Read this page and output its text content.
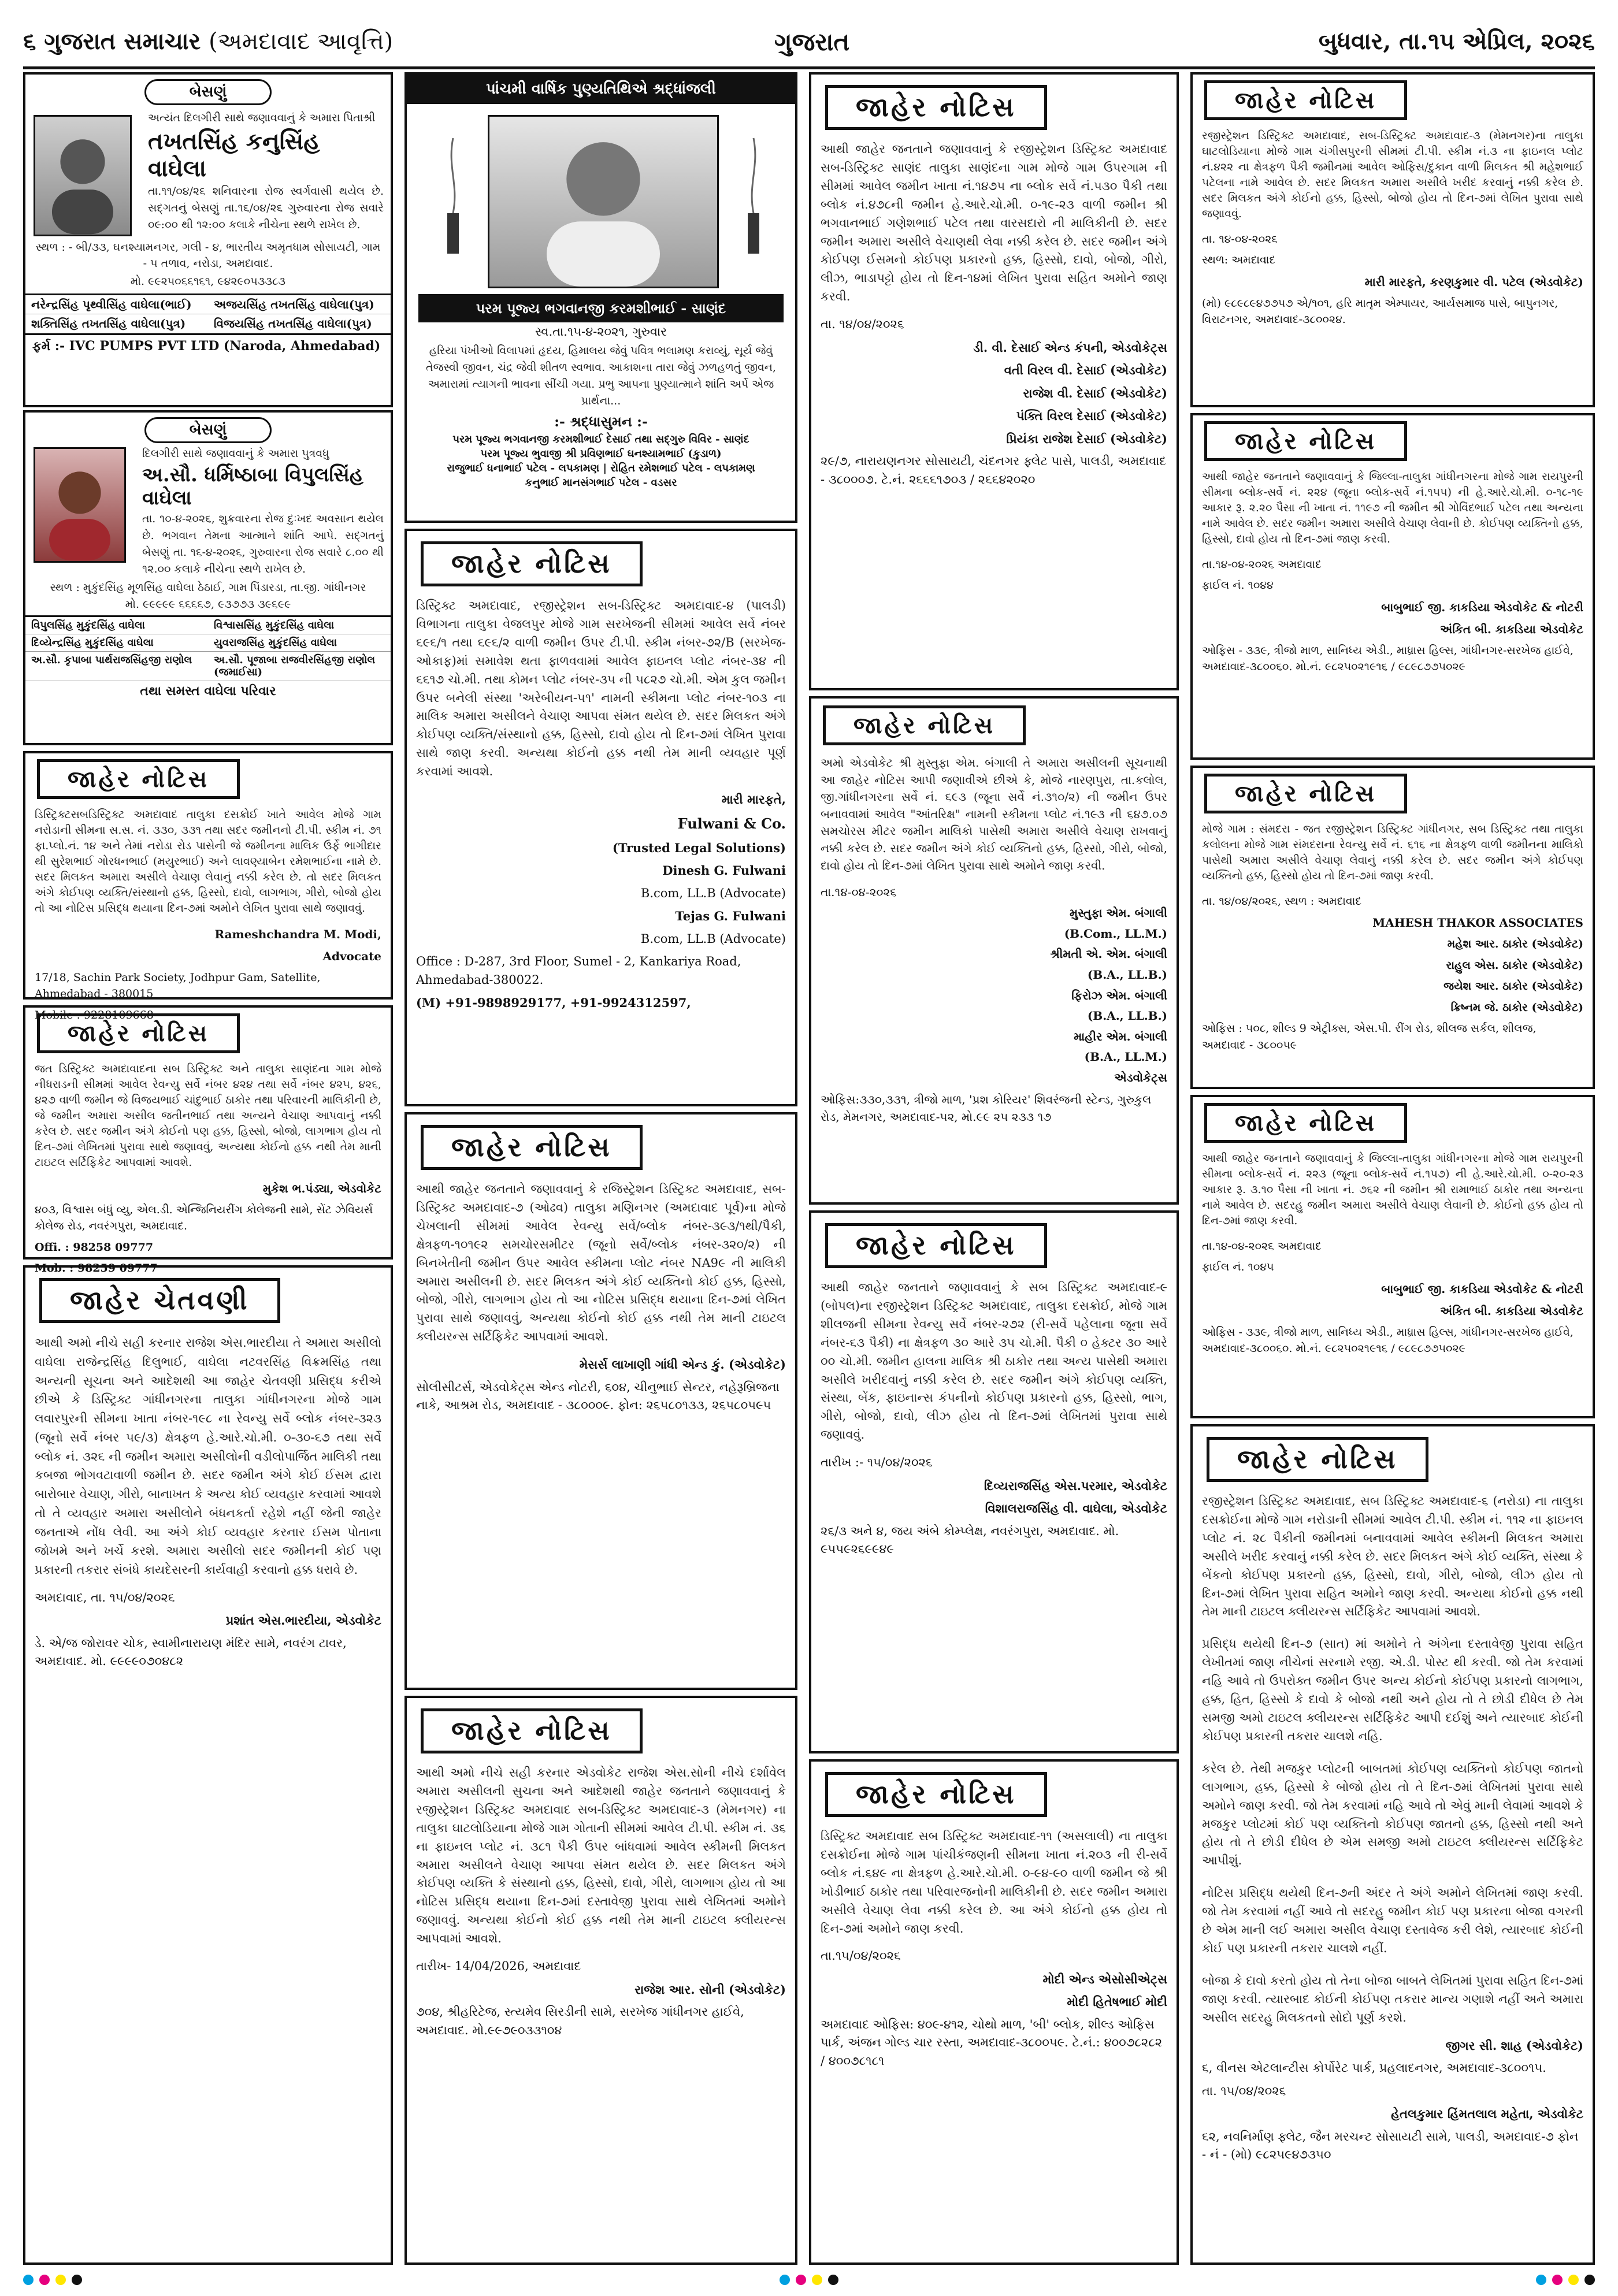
૬ ગુજરાત સમાચાર (અમદાવાદ આવૃત્તિ)	ગુજરાત	બુધવાર, તા.૧૫ એપ્રિલ, ૨૦૨૬
બેસણું
અત્યંત દિલગીરી સાથે જણાવવાનું કે અમારા પિતાશ્રી
તખતસિંહ કનુસિંહ વાઘેલા
તા.૧૧/૦૪/૨૬ શનિવારના રોજ સ્વર્ગવાસી થયેલ છે. સદ્ગતનું બેસણું તા.૧૬/૦૪/૨૬ ગુરુવારના રોજ સવારે ૦૯:૦૦ થી ૧૨:૦૦ કલાકે નીચેના સ્થળે રાખેલ છે.
સ્થળ : - બી/૩૩, ઘનશ્યામનગર, ગલી - ૪, ભારતીય અમૃતધામ સોસાયટી, ગામ - ૫ તળાવ, નરોડા, અમદાવાદ.
મો. ૯૯૨૫૦૬૬૧૬૧, ૯૪૨૯૦૫૩૩૮૩
નરેન્દ્રસિંહ પૃથ્વીસિંહ વાઘેલા(ભાઈ)	અજયસિંહ તખતસિંહ વાઘેલા(પુત્ર)
શક્તિસિંહ તખતસિંહ વાઘેલા(પુત્ર)	વિજયસિંહ તખતસિંહ વાઘેલા(પુત્ર)
ફર્મ :- IVC PUMPS PVT LTD (Naroda, Ahmedabad)
બેસણું
દિલગીરી સાથે જણાવવાનું કે અમારા પુત્રવધુ
અ.સૌ. ધર્મિષ્ઠાબા વિપુલસિંહ વાઘેલા
તા. ૧૦-૪-૨૦૨૬, શુક્રવારના રોજ દુઃખદ અવસાન થયેલ છે. ભગવાન તેમના આત્માને શાંતિ આપે. સદ્ગતનું બેસણું તા. ૧૬-૪-૨૦૨૬, ગુરુવારના રોજ સવારે ૮.૦૦ થી ૧૨.૦૦ કલાકે નીચેના સ્થળે રાખેલ છે.
સ્થળ : મુકુંદસિંહ મૂળસિંહ વાઘેલા ઠેઠાઈ, ગામ પિંડારડા, તા.જી. ગાંધીનગર
મો. ૯૯૯૯૯ ૬૬૬૬૭, ૯૩૭૭૩ ૩૯૬૯૯
વિપુલસિંહ મુકુંદસિંહ વાઘેલા	વિશ્વાસસિંહ મુકુંદસિંહ વાઘેલા
દિવ્યેન્દ્રસિંહ મુકુંદસિંહ વાઘેલા	યુવરાજસિંહ મુકુંદસિંહ વાઘેલા
અ.સૌ. કૃપાબા પાર્થરાજસિંહજી રાણોલ	અ.સૌ. પૂજાબા રાજવીરસિંહજી રાણોલ (જમાઈસા)
તથા સમસ્ત વાઘેલા પરિવાર
જાહેર નોટિસ
ડિસ્ટ્રિક્ટસબડિસ્ટ્રિક્ટ અમદાવાદ તાલુકા દસક્રોઈ ખાતે આવેલ મોજે ગામ નરોડાની સીમના સ.સ. નં. ૩૩૦, ૩૩૧ તથા સદર જમીનનો ટી.પી. સ્કીમ નં. ૭૧ ફા.પ્લો.નં. ૧૪ અને તેમાં નરોડા રોડ પાસેની જે જમીનના માલિક ઉર્ફે ભાગીદાર થી સુરેશભાઈ ગોરધનભાઈ (મયુરભાઈ) અને લાવણ્યાબેન રમેશભાઈના નામે છે. સદર મિલકત અમારા અસીલે વેચાણ લેવાનું નક્કી કરેલ છે. તો સદર મિલકત અંગે કોઈપણ વ્યક્તિ/સંસ્થાનો હક્ક, હિસ્સો, દાવો, લાગભાગ, ગીરો, બોજો હોય તો આ નોટિસ પ્રસિદ્ધ થયાના દિન-૭માં અમોને લેખિત પુરાવા સાથે જણાવવું.
Rameshchandra M. Modi,
Advocate
17/18, Sachin Park Society, Jodhpur Gam, Satellite, Ahmedabad - 380015
Mobile : 9228109668
જાહેર નોટિસ
જત ડિસ્ટ્રિક્ટ અમદાવાદના સબ ડિસ્ટ્રિક્ટ અને તાલુકા સાણંદના ગામ મોજે નીધરાડની સીમમાં આવેલ રેવન્યુ સર્વે નંબર ૪૨૪ તથા સર્વે નંબર ૪૨૫, ૪૨૬, ૪૨૭ વાળી જમીન જે વિજયભાઈ ચાંદુભાઈ ઠાકોર તથા પરિવારની માલિકીની છે, જે જમીન અમારા અસીલ જતીનભાઈ તથા અન્યને વેચાણ આપવાનું નક્કી કરેલ છે. સદર જમીન અંગે કોઈનો પણ હક્ક, હિસ્સો, બોજો, લાગભાગ હોય તો દિન-૭માં લેખિતમાં પુરાવા સાથે જણાવવું, અન્યથા કોઈનો હક્ક નથી તેમ માની ટાઇટલ સર્ટિફિકેટ આપવામાં આવશે.
મુકેશ ભ.પંડ્યા, એડવોકેટ
૪૦૩, વિશ્વાસ બંધું વ્યુ, એલ.ડી. એન્જિનિયરીંગ કોલેજની સામે, સેંટ ઝેવિયર્સ કોલેજ રોડ, નવરંગપુરા, અમદાવાદ.
Offi. : 98258 09777
Mob. : 98259 09777
જાહેર ચેતવણી
આથી અમો નીચે સહી કરનાર રાજેશ એસ.ભારદીયા તે અમારા અસીલો વાઘેલા રાજેન્દ્રસિંહ દિલુભાઈ, વાઘેલા નટવરસિંહ વિક્રમસિંહ તથા અન્યની સૂચના અને આદેશથી આ જાહેર ચેતવણી પ્રસિદ્ધ કરીએ છીએ કે ડિસ્ટ્રિક્ટ ગાંધીનગરના તાલુકા ગાંધીનગરના મોજે ગામ લવારપુરની સીમના ખાતા નંબર-૧૯૮ ના રેવન્યુ સર્વે બ્લોક નંબર-૩૨૩ (જૂનો સર્વે નંબર ૫૯/૩) ક્ષેત્રફળ હે.આરે.ચો.મી. ૦-૩૦-૬૭ તથા સર્વે બ્લોક નં. ૩૨૬ ની જમીન અમારા અસીલોની વડીલોપાર્જિત માલિકી તથા કબજા ભોગવટાવાળી જમીન છે. સદર જમીન અંગે કોઈ ઈસમ દ્વારા બારોબાર વેચાણ, ગીરો, બાનાખત કે અન્ય કોઈ વ્યવહાર કરવામાં આવશે તો તે વ્યવહાર અમારા અસીલોને બંધનકર્તા રહેશે નહીં જેની જાહેર જનતાએ નોંધ લેવી. આ અંગે કોઈ વ્યવહાર કરનાર ઈસમ પોતાના જોખમે અને ખર્ચે કરશે. અમારા અસીલો સદર જમીનની કોઈ પણ પ્રકારની તકરાર સંબંધે કાયદેસરની કાર્યવાહી કરવાનો હક્ક ધરાવે છે.
અમદાવાદ, તા. ૧૫/૦૪/૨૦૨૬
પ્રશાંત એસ.ભારદીયા, એડવોકેટ
ડે. એ/જ જોરાવર ચોક, સ્વામીનારાયણ મંદિર સામે, નવરંગ ટાવર, અમદાવાદ. મો. ૯૯૯૯૦૭૦૪૮૨
પાંચમી વાર્ષિક પુણ્યતિથિએ શ્રદ્ધાંજલી
પરમ પૂજ્ય ભગવાનજી કરમશીભાઈ - સાણંદ
સ્વ.તા.૧૫-૪-૨૦૨૧, ગુરુવાર
હરિયા પંખીઓ વિલાપમાં હૃદય, હિમાલય જેવું પવિત્ર ભલામણ કરાવ્યું, સૂર્ય જેવું તેજસ્વી જીવન, ચંદ્ર જેવી શીતળ સ્વભાવ. આકાશના તારા જેવું ઝળહળતું જીવન, અમારામાં ત્યાગની ભાવના સીંચી ગયા. પ્રભુ આપના પુણ્યાત્માને શાંતિ અર્પે એજ પ્રાર્થના...
:- શ્રદ્ધાસુમન :-
પરમ પૂજ્ય ભગવાનજી કરમશીભાઈ દેસાઈ તથા સદ્ગુરુ વિવિર - સાણંદ
પરમ પૂજ્ય ભુવાજી શ્રી પ્રવિણભાઈ ઘનશ્યામભાઈ (કુડાળ)
રાજુભાઈ ધનાભાઈ પટેલ - લપકામણ | રોહિત રમેશભાઈ પટેલ - લપકામણ
કનુભાઈ માનસંગભાઈ પટેલ - વડસર
જાહેર નોટિસ
ડિસ્ટ્રિક્ટ અમદાવાદ, રજીસ્ટ્રેશન સબ-ડિસ્ટ્રિક્ટ અમદાવાદ-૪ (પાલડી) વિભાગના તાલુકા વેજલપુર મોજે ગામ સરખેજની સીમમાં આવેલ સર્વે નંબર ૬૯૬/૧ તથા ૬૯૬/૨ વાળી જમીન ઉપર ટી.પી. સ્કીમ નંબર-૭૨/B (સરખેજ-ઓકાફ)માં સમાવેશ થતા ફાળવવામાં આવેલ ફાઇનલ પ્લોટ નંબર-૩૪ ની ૬૬૧૭ ચો.મી. તથા કોમન પ્લોટ નંબર-૩૫ ની ૫૮૨૭ ચો.મી. એમ કુલ જમીન ઉપર બનેલી સંસ્થા 'અરેબીયન-૫૧' નામની સ્કીમના પ્લોટ નંબર-૧૦૩ ના માલિક અમારા અસીલને વેચાણ આપવા સંમત થયેલ છે. સદર મિલકત અંગે કોઈપણ વ્યક્તિ/સંસ્થાનો હક્ક, હિસ્સો, દાવો હોય તો દિન-૭માં લેખિત પુરાવા સાથે જાણ કરવી. અન્યથા કોઈનો હક્ક નથી તેમ માની વ્યવહાર પૂર્ણ કરવામાં આવશે.
મારી મારફતે,
Fulwani & Co.
(Trusted Legal Solutions)
Dinesh G. Fulwani
B.com, LL.B (Advocate)
Tejas G. Fulwani
B.com, LL.B (Advocate)
Office : D-287, 3rd Floor, Sumel - 2, Kankariya Road, Ahmedabad-380022.
(M) +91-9898929177, +91-9924312597,
જાહેર નોટિસ
આથી જાહેર જનતાને જણાવવાનું કે રજિસ્ટ્રેશન ડિસ્ટ્રિક્ટ અમદાવાદ, સબ-ડિસ્ટ્રિક્ટ અમદાવાદ-૭ (ઓઢવ) તાલુકા મણિનગર (અમદાવાદ પૂર્વ)ના મોજે ચેખલાની સીમમાં આવેલ રેવન્યુ સર્વે/બ્લોક નંબર-૩૯૩/૧થી/પૈકી, ક્ષેત્રફળ-૧૦૧૯૨ સમચોરસમીટર (જૂનો સર્વે/બ્લોક નંબર-૩૨૦/૨) ની બિનખેતીની જમીન ઉપર આવેલ સ્કીમના પ્લોટ નંબર NA9૯ ની માલિકી અમારા અસીલની છે. સદર મિલકત અંગે કોઈ વ્યક્તિનો કોઈ હક્ક, હિસ્સો, બોજો, ગીરો, લાગભાગ હોય તો આ નોટિસ પ્રસિદ્ધ થયાના દિન-૭માં લેખિત પુરાવા સાથે જણાવવું, અન્યથા કોઈનો કોઈ હક્ક નથી તેમ માની ટાઇટલ ક્લીયરન્સ સર્ટિફિકેટ આપવામાં આવશે.
મેસર્સ લાખાણી ગાંધી એન્ડ કું. (એડવોકેટ)
સોલીસીટર્સ, એડવોકેટ્સ એન્ડ નોટરી, ૬૦૪, ચીનુભાઈ સેન્ટર, નહેરૂબ્રિજના નાકે, આશ્રમ રોડ, અમદાવાદ - ૩૮૦૦૦૯. ફોન: ૨૬૫૮૦૧૩૩, ૨૬૫૮૦૫૯૫
જાહેર નોટિસ
આથી અમો નીચે સહી કરનાર એડવોકેટ રાજેશ એસ.સોની નીચે દર્શાવેલ અમારા અસીલની સુચના અને આદેશથી જાહેર જનતાને જણાવવાનું કે રજીસ્ટ્રેશન ડિસ્ટ્રિક્ટ અમદાવાદ સબ-ડિસ્ટ્રિક્ટ અમદાવાદ-૩ (મેમનગર) ના તાલુકા ઘાટલોડિયાના મોજે ગામ ગોતાની સીમમાં આવેલ ટી.પી. સ્કીમ નં. ૩૬ ના ફાઇનલ પ્લોટ નં. ૩૮૧ પૈકી ઉપર બાંધવામાં આવેલ સ્કીમની મિલકત અમારા અસીલને વેચાણ આપવા સંમત થયેલ છે. સદર મિલકત અંગે કોઈપણ વ્યક્તિ કે સંસ્થાનો હક્ક, હિસ્સો, દાવો, ગીરો, લાગભાગ હોય તો આ નોટિસ પ્રસિદ્ધ થયાના દિન-૭માં દસ્તાવેજી પુરાવા સાથે લેખિતમાં અમોને જણાવવું. અન્યથા કોઈનો કોઈ હક્ક નથી તેમ માની ટાઇટલ ક્લીયરન્સ આપવામાં આવશે.
તારીખ- 14/04/2026, અમદાવાદ
રાજેશ આર. સોની (એડવોકેટ)
૭૦૪, શ્રીહરિટેજ, સ્ત્યમેવ સિરડીની સામે, સરખેજ ગાંધીનગર હાઈવે, અમદાવાદ. મો.૯૯૭૯૦૩૩૧૦૪
જાહેર નોટિસ
આથી જાહેર જનતાને જણાવવાનું કે રજીસ્ટ્રેશન ડિસ્ટ્રિક્ટ અમદાવાદ સબ-ડિસ્ટ્રિક્ટ સાણંદ તાલુકા સાણંદના ગામ મોજે ગામ ઉપરગામ ની સીમમાં આવેલ જમીન ખાતા નં.૧૪૭૫ ના બ્લોક સર્વે નં.૫૩૦ પૈકી તથા બ્લોક નં.૪૭૮ની જમીન હે.આરે.ચો.મી. ૦-૧૯-૨૩ વાળી જમીન શ્રી ભગવાનભાઈ ગણેશભાઈ પટેલ તથા વારસદારો ની માલિકીની છે. સદર જમીન અમારા અસીલે વેચાણથી લેવા નક્કી કરેલ છે. સદર જમીન અંગે કોઈપણ ઈસમનો કોઈપણ પ્રકારનો હક્ક, હિસ્સો, દાવો, બોજો, ગીરો, લીઝ, ભાડાપટ્ટો હોય તો દિન-૧૪માં લેખિત પુરાવા સહિત અમોને જાણ કરવી.
તા. ૧૪/૦૪/૨૦૨૬
ડી. વી. દેસાઈ એન્ડ કંપની, એડવોકેટ્સ
વતી વિરલ વી. દેસાઈ (એડવોકેટ)
રાજેશ વી. દેસાઈ (એડવોકેટ)
પંક્તિ વિરલ દેસાઈ (એડવોકેટ)
પ્રિયંકા રાજેશ દેસાઈ (એડવોકેટ)
૨૯/૭, નારાયણનગર સોસાયટી, ચંદનગર ફ્લેટ પાસે, પાલડી, અમદાવાદ - ૩૮૦૦૦૭. ટે.નં. ૨૬૬૬૧૭૦૩ / ૨૬૬૪૨૦૨૦
જાહેર નોટિસ
અમો એડવોકેટ શ્રી મુસ્તુફા એમ. બંગાલી તે અમારા અસીલની સૂચનાથી આ જાહેર નોટિસ આપી જણાવીએ છીએ કે, મોજે નારણપુરા, તા.કલોલ, જી.ગાંધીનગરના સર્વે નં. ૬૯૩ (જૂના સર્વે નં.૩૧૦/૨) ની જમીન ઉપર બનાવવામાં આવેલ "આંતરિક્ષ" નામની સ્કીમના પ્લોટ નં.૧૯૩ ની ૬૪૭.૦૭ સમચોરસ મીટર જમીન માલિકો પાસેથી અમારા અસીલે વેચાણ રાખવાનું નક્કી કરેલ છે. સદર જમીન અંગે કોઈ વ્યક્તિનો હક્ક, હિસ્સો, ગીરો, બોજો, દાવો હોય તો દિન-૭માં લેખિત પુરાવા સાથે અમોને જાણ કરવી.
તા.૧૪-૦૪-૨૦૨૬
મુસ્તુફા એમ. બંગાલી
(B.Com., LL.M.)
શ્રીમતી એ. એમ. બંગાલી
(B.A., LL.B.)
ફિરોઝ એમ. બંગાલી
(B.A., LL.B.)
માહીર એમ. બંગાલી
(B.A., LL.M.)
એડવોકેટ્સ
ઓફિસ:૩૩૦,૩૩૧, ત્રીજો માળ, 'પ્રશ કોરિયર' શિવરંજની સ્ટેન્ડ, ગુરુકુલ રોડ, મેમનગર, અમદાવાદ-૫૨, મો.૯૯ ૨૫ ૨૩૩ ૧૭
જાહેર નોટિસ
આથી જાહેર જનતાને જણાવવાનું કે સબ ડિસ્ટ્રિક્ટ અમદાવાદ-૯ (બોપલ)ના રજીસ્ટ્રેશન ડિસ્ટ્રિક્ટ અમદાવાદ, તાલુકા દસક્રોઈ, મોજે ગામ શીલજની સીમના રેવન્યુ સર્વે નંબર-૨૭૨ (રી-સર્વે પહેલાના જૂના સર્વે નંબર-૬૩ પૈકી) ના ક્ષેત્રફળ ૩૦ આરે ૩૫ ચો.મી. પૈકી ૦ હેક્ટર ૩૦ આરે ૦૦ ચો.મી. જમીન હાલના માલિક શ્રી ઠાકોર તથા અન્ય પાસેથી અમારા અસીલે ખરીદવાનું નક્કી કરેલ છે. સદર જમીન અંગે કોઈપણ વ્યક્તિ, સંસ્થા, બેંક, ફાઇનાન્સ કંપનીનો કોઈપણ પ્રકારનો હક્ક, હિસ્સો, ભાગ, ગીરો, બોજો, દાવો, લીઝ હોય તો દિન-૭માં લેખિતમાં પુરાવા સાથે જણાવવું.
તારીખ :- ૧૫/૦૪/૨૦૨૬
દિવ્યરાજસિંહ એસ.પરમાર, એડવોકેટ
વિશાલરાજસિંહ વી. વાઘેલા, એડવોકેટ
૨૬/૩ અને ૪, જય અંબે કોમ્પ્લેક્ષ, નવરંગપુરા, અમદાવાદ. મો. ૯૫૫૯૨૬૯૯૪૯
જાહેર નોટિસ
ડિસ્ટ્રિક્ટ અમદાવાદ સબ ડિસ્ટ્રિક્ટ અમદાવાદ-૧૧ (અસલાલી) ના તાલુકા દસક્રોઈના મોજે ગામ પાંચીકંજણની સીમના ખાતા નં.૨૦૩ ની રી-સર્વે બ્લોક નં.૬૪૯ ના ક્ષેત્રફળ હે.આરે.ચો.મી. ૦-૯૪-૯૦ વાળી જમીન જે શ્રી ખોડીભાઈ ઠાકોર તથા પરિવારજનોની માલિકીની છે. સદર જમીન અમારા અસીલે વેચાણ લેવા નક્કી કરેલ છે. આ અંગે કોઈનો હક્ક હોય તો દિન-૭માં અમોને જાણ કરવી.
તા.૧૫/૦૪/૨૦૨૬
મોદી એન્ડ એસોસીએટ્સ
મોદી હિતેષભાઈ મોદી
અમદાવાદ ઓફિસ: ૪૦૯-૪૧૨, ચોથો માળ, 'બી' બ્લોક, શીલ્ડ ઓફિસ પાર્ક, અંજન ગોલ્ડ ચાર રસ્તા, અમદાવાદ-૩૮૦૦૫૯. ટે.નં.: ૪૦૦૭૮૨૮૨ / ૪૦૦૭૮૧૮૧
જાહેર નોટિસ
રજીસ્ટ્રેશન ડિસ્ટ્રિક્ટ અમદાવાદ, સબ-ડિસ્ટ્રિક્ટ અમદાવાદ-૩ (મેમનગર)ના તાલુકા ઘાટલોડિયાના મોજે ગામ ચંગીસપુરની સીમમાં ટી.પી. સ્કીમ નં.૩ ના ફાઇનલ પ્લોટ નં.૪૨૨ ના ક્ષેત્રફળ પૈકી જમીનમાં આવેલ ઓફિસ/દુકાન વાળી મિલકત શ્રી મહેશભાઈ પટેલના નામે આવેલ છે. સદર મિલકત અમારા અસીલે ખરીદ કરવાનું નક્કી કરેલ છે. સદર મિલકત અંગે કોઈનો હક્ક, હિસ્સો, બોજો હોય તો દિન-૭માં લેખિત પુરાવા સાથે જણાવવું.
તા. ૧૪-૦૪-૨૦૨૬
સ્થળ: અમદાવાદ
મારી મારફતે, કરણકુમાર વી. પટેલ (એડવોકેટ)
(મો) ૯૮૯૮૯૪૭૭૫૭ એ/૧૦૧, હરિ માતૃમ એમ્પાયર, આર્યસમાજ પાસે, બાપુનગર, વિરાટનગર, અમદાવાદ-૩૮૦૦૨૪.
જાહેર નોટિસ
આથી જાહેર જનતાને જણાવવાનું કે જિલ્લા-તાલુકા ગાંધીનગરના મોજે ગામ રાયપુરની સીમના બ્લોક-સર્વે નં. ૨૨૪ (જૂના બ્લોક-સર્વે નં.૧૫૫) ની હે.આરે.ચો.મી. ૦-૧૮-૧૯ આકાર રૂ. ૨.૨૦ પૈસા ની ખાતા નં. ૧૧૯૭ ની જમીન શ્રી ગોવિંદભાઈ પટેલ તથા અન્યના નામે આવેલ છે. સદર જમીન અમારા અસીલે વેચાણ લેવાની છે. કોઈપણ વ્યક્તિનો હક્ક, હિસ્સો, દાવો હોય તો દિન-૭માં જાણ કરવી.
તા.૧૪-૦૪-૨૦૨૬ અમદાવાદ
ફાઈલ નં. ૧૦૪૪
બાબુભાઈ જી. કાકડિયા એડવોકેટ & નોટરી
અંકિત બી. કાકડિયા એડવોકેટ
ઓફિસ - ૩૩૯, ત્રીજો માળ, સાનિધ્ય એડી., માધ્રાસ હિલ્સ, ગાંધીનગર-સરખેજ હાઈવે, અમદાવાદ-૩૮૦૦૬૦. મો.નં. ૯૮૨૫૦૨૧૯૧૬ / ૯૮૯૮૭૭૫૦૨૯
જાહેર નોટિસ
મોજે ગામ : સંમદરા - જત રજીસ્ટ્રેશન ડિસ્ટ્રિક્ટ ગાંધીનગર, સબ ડિસ્ટ્રિક્ટ તથા તાલુકા કલોલના મોજે ગામ સંમદરાના રેવન્યુ સર્વે નં. ૬૧૬ ના ક્ષેત્રફળ વાળી જમીનના માલિકો પાસેથી અમારા અસીલે વેચાણ લેવાનું નક્કી કરેલ છે. સદર જમીન અંગે કોઈપણ વ્યક્તિનો હક્ક, હિસ્સો હોય તો દિન-૭માં જાણ કરવી.
તા. ૧૪/૦૪/૨૦૨૬, સ્થળ : અમદાવાદ
MAHESH THAKOR ASSOCIATES
મહેશ આર. ઠાકોર (એડવોકેટ)
રાહુલ એસ. ઠાકોર (એડવોકેટ)
જયેશ આર. ઠાકોર (એડવોકેટ)
ક્રિષ્નમ જે. ઠાકોર (એડવોકેટ)
ઓફિસ : ૫૦૮, શીલ્ડ 9 એટ્રીક્સ, એસ.પી. રીંગ રોડ, શીલજ સર્કલ, શીલજ, અમદાવાદ - ૩૮૦૦૫૯
જાહેર નોટિસ
આથી જાહેર જનતાને જણાવવાનું કે જિલ્લા-તાલુકા ગાંધીનગરના મોજે ગામ રાયપુરની સીમના બ્લોક-સર્વે નં. ૨૨૩ (જૂના બ્લોક-સર્વે નં.૧૫૭) ની હે.આરે.ચો.મી. ૦-૨૦-૨૩ આકાર રૂ. ૩.૧૦ પૈસા ની ખાતા નં. ૭૬૨ ની જમીન શ્રી રામાભાઈ ઠાકોર તથા અન્યના નામે આવેલ છે. સદરહુ જમીન અમારા અસીલે વેચાણ લેવાની છે. કોઈનો હક્ક હોય તો દિન-૭માં જાણ કરવી.
તા.૧૪-૦૪-૨૦૨૬ અમદાવાદ
ફાઈલ નં. ૧૦૪૫
બાબુભાઈ જી. કાકડિયા એડવોકેટ & નોટરી
અંકિત બી. કાકડિયા એડવોકેટ
ઓફિસ - ૩૩૯, ત્રીજો માળ, સાનિધ્ય એડી., માધ્રાસ હિલ્સ, ગાંધીનગર-સરખેજ હાઈવે, અમદાવાદ-૩૮૦૦૬૦. મો.નં. ૯૮૨૫૦૨૧૯૧૬ / ૯૮૯૮૭૭૫૦૨૯
જાહેર નોટિસ
રજીસ્ટ્રેશન ડિસ્ટ્રિક્ટ અમદાવાદ, સબ ડિસ્ટ્રિક્ટ અમદાવાદ-૬ (નરોડા) ના તાલુકા દસક્રોઈના મોજે ગામ નરોડાની સીમમાં આવેલ ટી.પી. સ્કીમ નં. ૧૧૨ ના ફાઇનલ પ્લોટ નં. ૨૮ પૈકીની જમીનમાં બનાવવામાં આવેલ સ્કીમની મિલકત અમારા અસીલે ખરીદ કરવાનું નક્કી કરેલ છે. સદર મિલકત અંગે કોઈ વ્યક્તિ, સંસ્થા કે બેંકનો કોઈપણ પ્રકારનો હક્ક, હિસ્સો, દાવો, ગીરો, બોજો, લીઝ હોય તો દિન-૭માં લેખિત પુરાવા સહિત અમોને જાણ કરવી. અન્યથા કોઈનો હક્ક નથી તેમ માની ટાઇટલ ક્લીયરન્સ સર્ટિફિકેટ આપવામાં આવશે.
પ્રસિદ્ધ થયેથી દિન-૭ (સાત) માં અમોને તે અંગેના દસ્તાવેજી પુરાવા સહિત લેખીતમાં જાણ નીચેનાં સરનામે રજી. એ.ડી. પોસ્ટ થી કરવી. જો તેમ કરવામાં નહિ આવે તો ઉપરોક્ત જમીન ઉપર અન્ય કોઈનો કોઈપણ પ્રકારનો લાગભાગ, હક્ક, હિત, હિસ્સો કે દાવો કે બોજો નથી અને હોય તો તે છોડી દીધેલ છે તેમ સમજી અમો ટાઇટલ ક્લીયરન્સ સર્ટિફિકેટ આપી દઈશું અને ત્યારબાદ કોઈની કોઈપણ પ્રકારની તકરાર ચાલશે નહિ.
કરેલ છે. તેથી મજકુર પ્લોટની બાબતમાં કોઈપણ વ્યક્તિનો કોઈપણ જાતનો લાગભાગ, હક્ક, હિસ્સો કે બોજો હોય તો તે દિન-૭માં લેખિતમાં પુરાવા સાથે અમોને જાણ કરવી. જો તેમ કરવામાં નહિ આવે તો એવું માની લેવામાં આવશે કે મજકુર પ્લોટમાં કોઈ પણ વ્યક્તિનો કોઈપણ જાતનો હક્ક, હિસ્સો નથી અને હોય તો તે છોડી દીધેલ છે એમ સમજી અમો ટાઇટલ ક્લીયરન્સ સર્ટિફિકેટ આપીશું.
નોટિસ પ્રસિદ્ધ થયેથી દિન-૭ની અંદર તે અંગે અમોને લેખિતમાં જાણ કરવી. જો તેમ કરવામાં નહીં આવે તો સદરહુ જમીન કોઈ પણ પ્રકારના બોજા વગરની છે એમ માની લઈ અમારા અસીલ વેચાણ દસ્તાવેજ કરી લેશે, ત્યારબાદ કોઈની કોઈ પણ પ્રકારની તકરાર ચાલશે નહીં.
બોજા કે દાવો કરતો હોય તો તેના બોજા બાબતે લેખિતમાં પુરાવા સહિત દિન-૭માં જાણ કરવી. ત્યારબાદ કોઈની કોઈપણ તકરાર માન્ય ગણાશે નહીં અને અમારા અસીલ સદરહુ મિલકતનો સોદો પૂર્ણ કરશે.
જીગર સી. શાહ (એડવોકેટ)
૬, વીનસ એટલાન્ટીસ કોર્પોરેટ પાર્ક, પ્રહલાદનગર, અમદાવાદ-૩૮૦૦૧૫.
તા. ૧૫/૦૪/૨૦૨૬
હેતલકુમાર હિંમતલાલ મહેતા, એડવોકેટ
૬૨, નવનિર્માણ ફ્લેટ, જૈન મરચન્ટ સોસાયટી સામે, પાલડી, અમદાવાદ-૭ ફોન - નં - (મો) ૯૮૨૫૯૪૭૩૫૦
